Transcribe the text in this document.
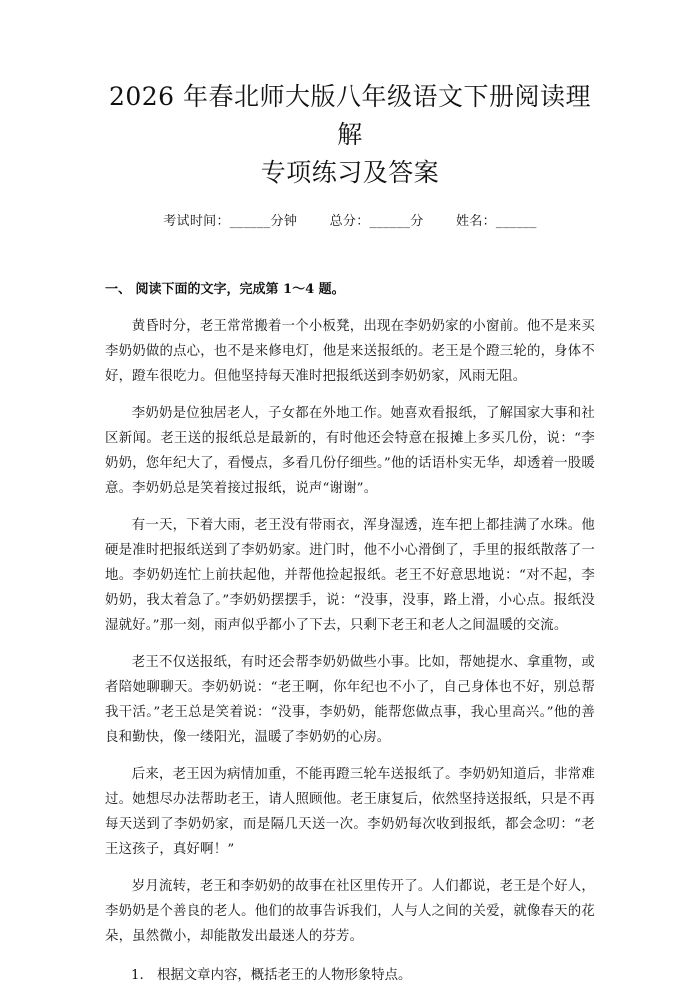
2026 年春北师大版八年级语文下册阅读理解
专项练习及答案
考试时间：______分钟 总分：______分 姓名：______
一、 阅读下面的文字，完成第 1～4 题。

黄昏时分，老王常常搬着一个小板凳，出现在李奶奶家的小窗前。他不是来买李奶奶做的点心，也不是来修电灯，他是来送报纸的。老王是个蹬三轮的，身体不好，蹬车很吃力。但他坚持每天准时把报纸送到李奶奶家，风雨无阻。

李奶奶是位独居老人，子女都在外地工作。她喜欢看报纸，了解国家大事和社区新闻。老王送的报纸总是最新的，有时他还会特意在报摊上多买几份，说：“李奶奶，您年纪大了，看慢点，多看几份仔细些。”他的话语朴实无华，却透着一股暖意。李奶奶总是笑着接过报纸，说声“谢谢”。

有一天，下着大雨，老王没有带雨衣，浑身湿透，连车把上都挂满了水珠。他硬是准时把报纸送到了李奶奶家。进门时，他不小心滑倒了，手里的报纸散落了一地。李奶奶连忙上前扶起他，并帮他捡起报纸。老王不好意思地说：“对不起，李奶奶，我太着急了。”李奶奶摆摆手，说：“没事，没事，路上滑，小心点。报纸没湿就好。”那一刻，雨声似乎都小了下去，只剩下老王和老人之间温暖的交流。

老王不仅送报纸，有时还会帮李奶奶做些小事。比如，帮她提水、拿重物，或者陪她聊聊天。李奶奶说：“老王啊，你年纪也不小了，自己身体也不好，别总帮我干活。”老王总是笑着说：“没事，李奶奶，能帮您做点事，我心里高兴。”他的善良和勤快，像一缕阳光，温暖了李奶奶的心房。

后来，老王因为病情加重，不能再蹬三轮车送报纸了。李奶奶知道后，非常难过。她想尽办法帮助老王，请人照顾他。老王康复后，依然坚持送报纸，只是不再每天送到了李奶奶家，而是隔几天送一次。李奶奶每次收到报纸，都会念叨：“老王这孩子，真好啊！”

岁月流转，老王和李奶奶的故事在社区里传开了。人们都说，老王是个好人，李奶奶是个善良的老人。他们的故事告诉我们，人与人之间的关爱，就像春天的花朵，虽然微小，却能散发出最迷人的芬芳。

1. 根据文章内容，概括老王的人物形象特点。
